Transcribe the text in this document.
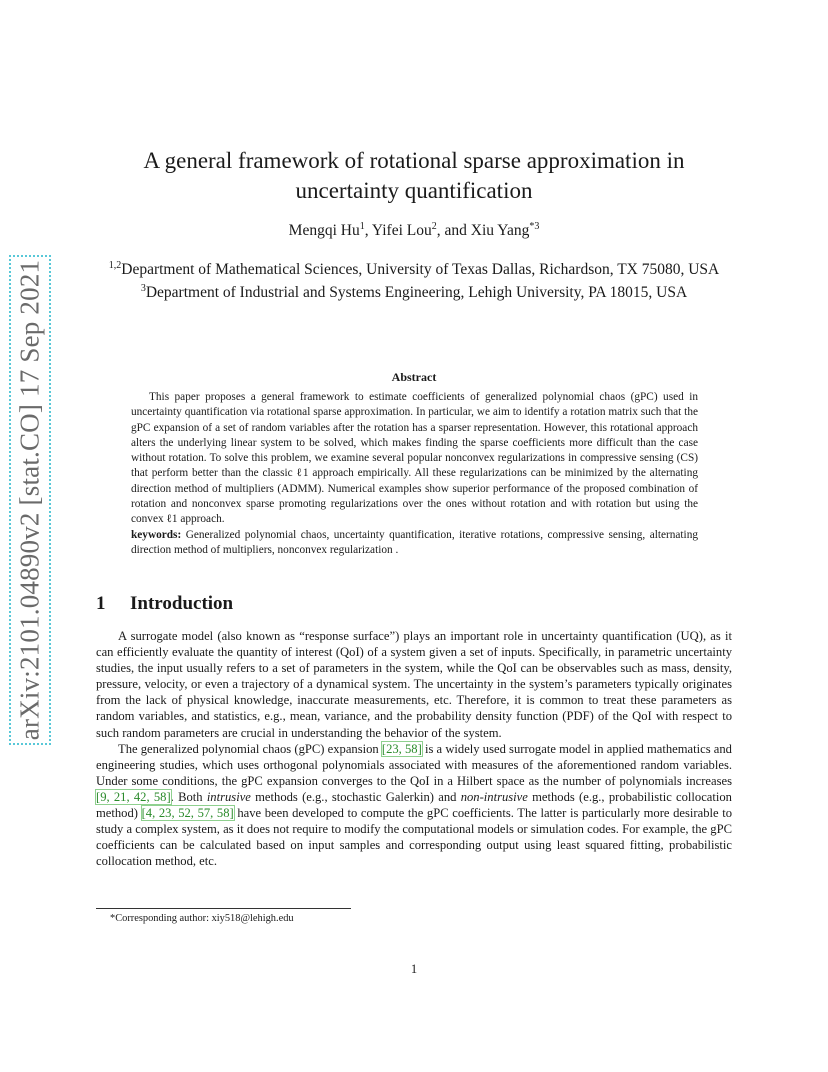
arXiv:2101.04890v2 [stat.CO] 17 Sep 2021
A general framework of rotational sparse approximation in uncertainty quantification
Mengqi Hu$^1$, Yifei Lou$^2$, and Xiu Yang$^{*3}$
$^{1,2}$Department of Mathematical Sciences, University of Texas Dallas, Richardson, TX 75080, USA
$^3$Department of Industrial and Systems Engineering, Lehigh University, PA 18015, USA
Abstract

This paper proposes a general framework to estimate coefficients of generalized polynomial chaos (gPC) used in uncertainty quantification via rotational sparse approximation. In particular, we aim to identify a rotation matrix such that the gPC expansion of a set of random variables after the rotation has a sparser representation. However, this rotational approach alters the underlying linear system to be solved, which makes finding the sparse coefficients more difficult than the case without rotation. To solve this problem, we examine several popular nonconvex regularizations in compressive sensing (CS) that perform better than the classic ℓ1 approach empirically. All these regularizations can be minimized by the alternating direction method of multipliers (ADMM). Numerical examples show superior performance of the proposed combination of rotation and nonconvex sparse promoting regularizations over the ones without rotation and with rotation but using the convex ℓ1 approach.

keywords: Generalized polynomial chaos, uncertainty quantification, iterative rotations, compressive sensing, alternating direction method of multipliers, nonconvex regularization .

1 Introduction

A surrogate model (also known as “response surface”) plays an important role in uncertainty quantification (UQ), as it can efficiently evaluate the quantity of interest (QoI) of a system given a set of inputs. Specifically, in parametric uncertainty studies, the input usually refers to a set of parameters in the system, while the QoI can be observables such as mass, density, pressure, velocity, or even a trajectory of a dynamical system. The uncertainty in the system’s parameters typically originates from the lack of physical knowledge, inaccurate measurements, etc. Therefore, it is common to treat these parameters as random variables, and statistics, e.g., mean, variance, and the probability density function (PDF) of the QoI with respect to such random parameters are crucial in understanding the behavior of the system.

The generalized polynomial chaos (gPC) expansion [23, 58] is a widely used surrogate model in applied mathematics and engineering studies, which uses orthogonal polynomials associated with measures of the aforementioned random variables. Under some conditions, the gPC expansion converges to the QoI in a Hilbert space as the number of polynomials increases [9, 21, 42, 58]. Both intrusive methods (e.g., stochastic Galerkin) and non-intrusive methods (e.g., probabilistic collocation method) [4, 23, 52, 57, 58] have been developed to compute the gPC coefficients. The latter is particularly more desirable to study a complex system, as it does not require to modify the computational models or simulation codes. For example, the gPC coefficients can be calculated based on input samples and corresponding output using least squared fitting, probabilistic collocation method, etc.

*Corresponding author: xiy518@lehigh.edu
1
